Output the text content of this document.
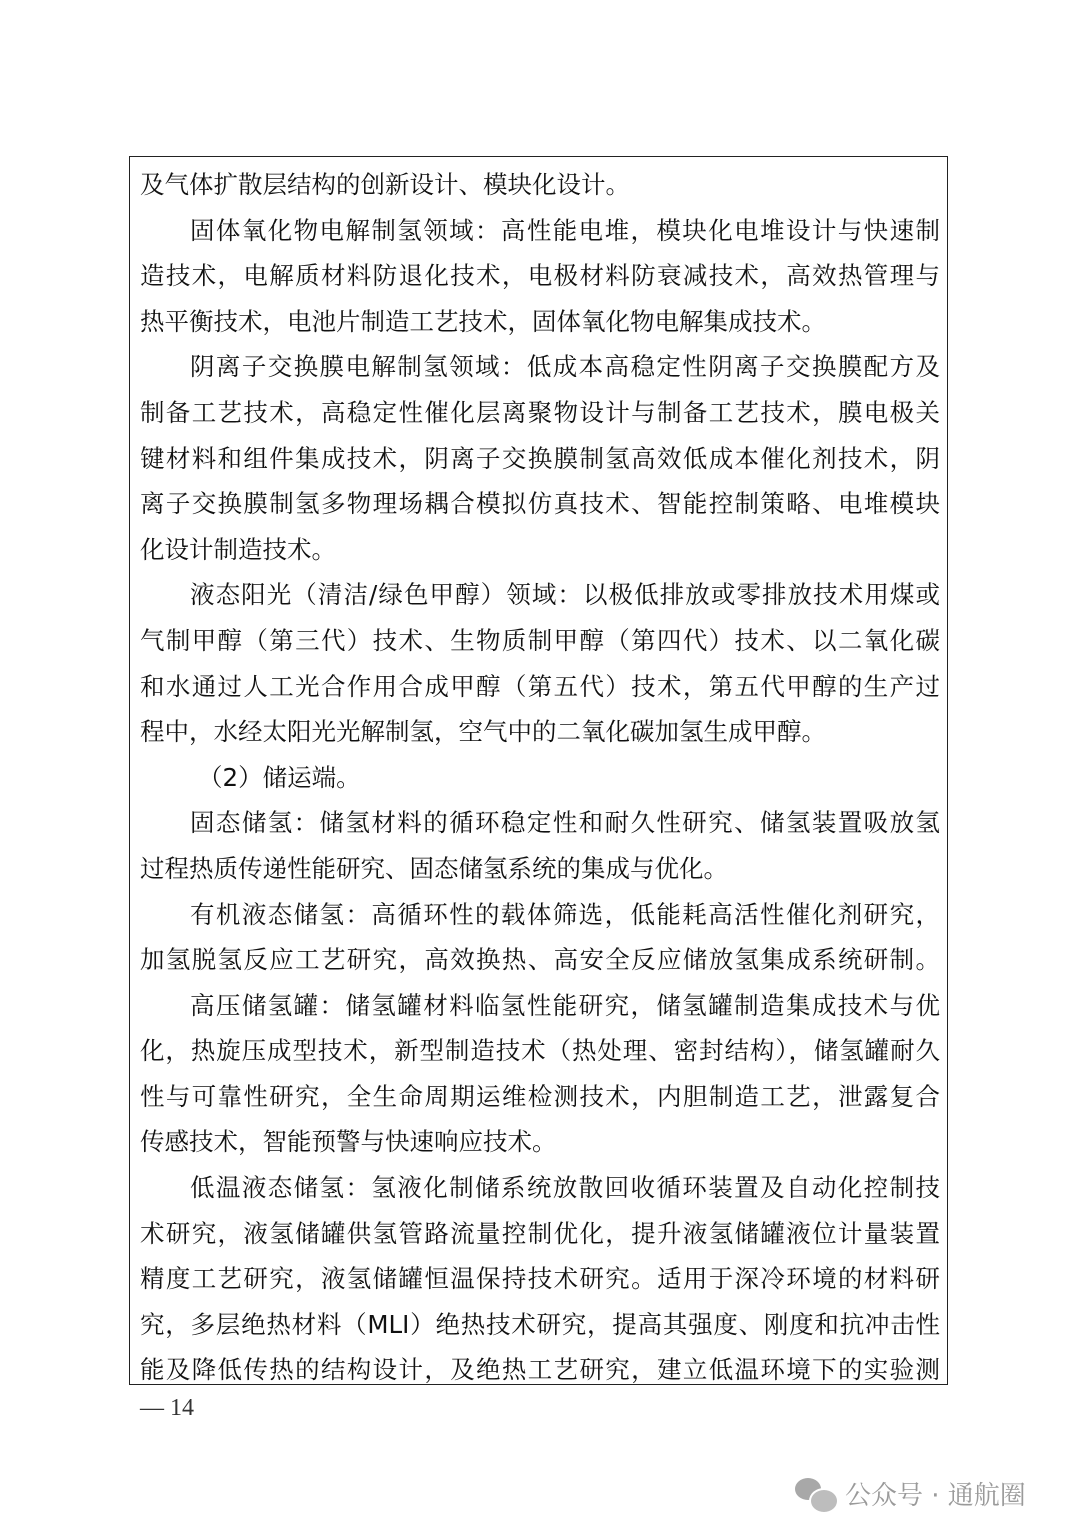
及气体扩散层结构的创新设计、模块化设计。
固体氧化物电解制氢领域：高性能电堆，模块化电堆设计与快速制
造技术，电解质材料防退化技术，电极材料防衰减技术，高效热管理与
热平衡技术，电池片制造工艺技术，固体氧化物电解集成技术。
阴离子交换膜电解制氢领域：低成本高稳定性阴离子交换膜配方及
制备工艺技术，高稳定性催化层离聚物设计与制备工艺技术，膜电极关
键材料和组件集成技术，阴离子交换膜制氢高效低成本催化剂技术，阴
离子交换膜制氢多物理场耦合模拟仿真技术、智能控制策略、电堆模块
化设计制造技术。
液态阳光（清洁/绿色甲醇）领域：以极低排放或零排放技术用煤或
气制甲醇（第三代）技术、生物质制甲醇（第四代）技术、以二氧化碳
和水通过人工光合作用合成甲醇（第五代）技术，第五代甲醇的生产过
程中，水经太阳光光解制氢，空气中的二氧化碳加氢生成甲醇。
（2）储运端。
固态储氢：储氢材料的循环稳定性和耐久性研究、储氢装置吸放氢
过程热质传递性能研究、固态储氢系统的集成与优化。
有机液态储氢：高循环性的载体筛选，低能耗高活性催化剂研究，
加氢脱氢反应工艺研究，高效换热、高安全反应储放氢集成系统研制。
高压储氢罐：储氢罐材料临氢性能研究，储氢罐制造集成技术与优
化，热旋压成型技术，新型制造技术（热处理、密封结构），储氢罐耐久
性与可靠性研究，全生命周期运维检测技术，内胆制造工艺，泄露复合
传感技术，智能预警与快速响应技术。
低温液态储氢：氢液化制储系统放散回收循环装置及自动化控制技
术研究，液氢储罐供氢管路流量控制优化，提升液氢储罐液位计量装置
精度工艺研究，液氢储罐恒温保持技术研究。适用于深冷环境的材料研
究，多层绝热材料（MLI）绝热技术研究，提高其强度、刚度和抗冲击性
能及降低传热的结构设计，及绝热工艺研究，建立低温环境下的实验测
— 14
公众号 · 通航圈
